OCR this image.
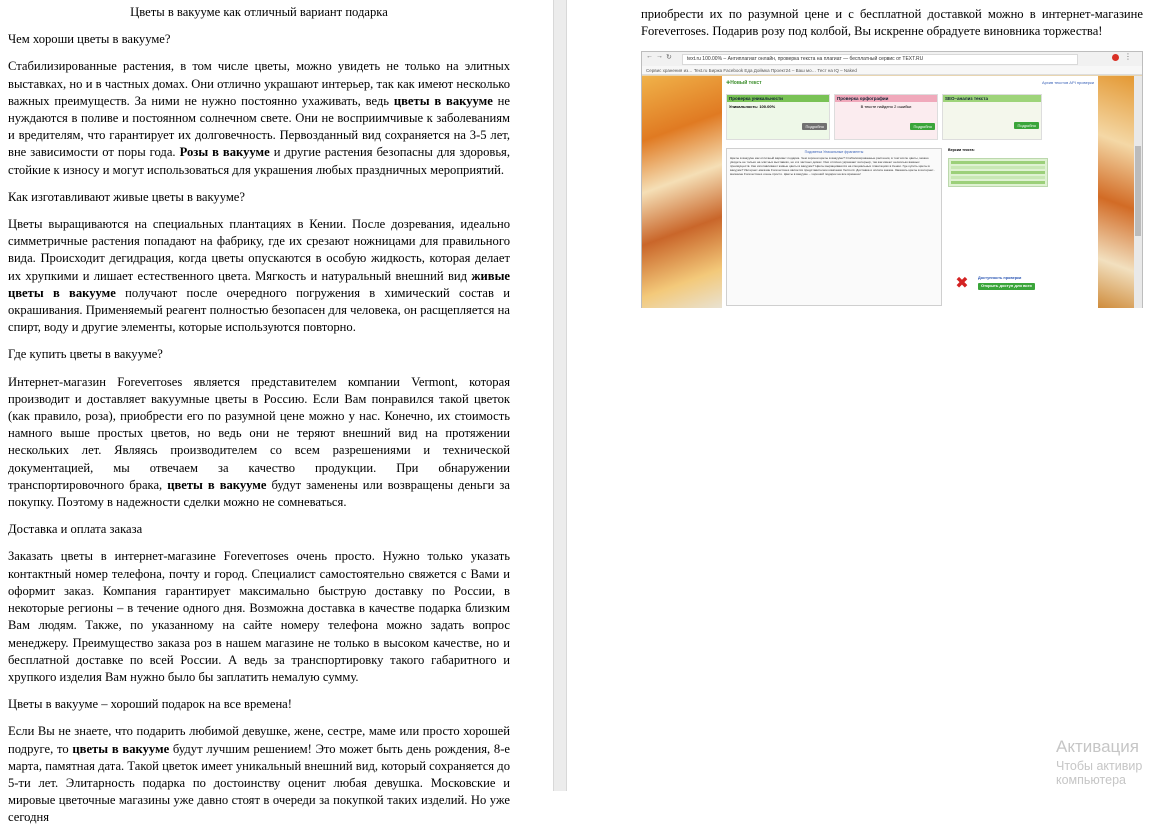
Цветы в вакууме как отличный вариант подарка
Чем хороши цветы в вакууме?

Стабилизированные растения, в том числе цветы, можно увидеть не только на элитных выставках, но и в частных домах. Они отлично украшают интерьер, так как имеют несколько важных преимуществ. За ними не нужно постоянно ухаживать, ведь цветы в вакууме не нуждаются в поливе и постоянном солнечном свете. Они не восприимчивые к заболеваниям и вредителям, что гарантирует их долговечность. Первозданный вид сохраняется на 3-5 лет, вне зависимости от поры года. Розы в вакууме и другие растения безопасны для здоровья, стойкие к износу и могут использоваться для украшения любых праздничных мероприятий.

Как изготавливают живые цветы в вакууме?

Цветы выращиваются на специальных плантациях в Кении. После дозревания, идеально симметричные растения попадают на фабрику, где их срезают ножницами для правильного вида. Происходит дегидрация, когда цветы опускаются в особую жидкость, которая делает их хрупкими и лишает естественного цвета. Мягкость и натуральный внешний вид живые цветы в вакууме получают после очередного погружения в химический состав и окрашивания. Применяемый реагент полностью безопасен для человека, он расщепляется на спирт, воду и другие элементы, которые используются повторно.

Где купить цветы в вакууме?

Интернет-магазин Foreverroses является представителем компании Vermont, которая производит и доставляет вакуумные цветы в Россию. Если Вам понравился такой цветок (как правило, роза), приобрести его по разумной цене можно у нас. Конечно, их стоимость намного выше простых цветов, но ведь они не теряют внешний вид на протяжении нескольких лет. Являясь производителем со всем разрешениями и технической документацией, мы отвечаем за качество продукции. При обнаружении транспортировочного брака, цветы в вакууме будут заменены или возвращены деньги за покупку. Поэтому в надежности сделки можно не сомневаться.

Доставка и оплата заказа

Заказать цветы в интернет-магазине Foreverroses очень просто. Нужно только указать контактный номер телефона, почту и город. Специалист самостоятельно свяжется с Вами и оформит заказ. Компания гарантирует максимально быструю доставку по России, в некоторые регионы – в течение одного дня. Возможна доставка в качестве подарка близким Вам людям. Также, по указанному на сайте номеру телефона можно задать вопрос менеджеру. Преимущество заказа роз в нашем магазине не только в высоком качестве, но и бесплатной доставке по всей России. А ведь за транспортировку такого габаритного и хрупкого изделия Вам нужно было бы заплатить немалую сумму.

Цветы в вакууме – хороший подарок на все времена!

Если Вы не знаете, что подарить любимой девушке, жене, сестре, маме или просто хорошей подруге, то цветы в вакууме будут лучшим решением! Это может быть день рождения, 8-е марта, памятная дата. Такой цветок имеет уникальный внешний вид, который сохраняется до 5-ти лет. Элитарность подарка по достоинству оценит любая девушка. Московские и мировые цветочные магазины уже давно стоят в очереди за покупкой таких изделий. Но уже сегодня

приобрести их по разумной цене и с бесплатной доставкой можно в интернет-магазине Foreverroses. Подарив розу под колбой, Вы искренне обрадуете виновника торжества!

← → ↻	text.ru 100.00% – Антиплагиат онлайн, проверка текста на плагиат — бесплатный сервис от TEXT.RU	⋮
Сервис хранения из… Text.ru Биржа Facebook Eда Доймка Проект24 – Ваш мо… Тест на IQ – Naked
✚Новый текст	Архив текстов API проверки
Проверка уникальности
Уникальность: 100.00%
Подробно
Проверка орфографии
В тексте найдено 2 ошибки
Подробно
SEO–анализ текста
Подробно
Подсветка Уникальные фрагменты
Цветы в вакууме как отличный вариант подарка. Чем хороши цветы в вакууме? Стабилизированные растения, в том числе цветы, можно увидеть не только на элитных выставках, но и в частных домах. Они отлично украшают интерьер, так как имеют несколько важных преимуществ. Как изготавливают живые цветы в вакууме? Цветы выращиваются на специальных плантациях в Кении. Где купить цветы в вакууме? Интернет-магазин Foreverroses является представителем компании Vermont. Доставка и оплата заказа. Заказать цветы в интернет-магазине Foreverroses очень просто. Цветы в вакууме – хороший подарок на все времена!
Версии текста:
✖	Доступность проверки
Открыть доступ для всех
Активация
Чтобы активир
компьютера
